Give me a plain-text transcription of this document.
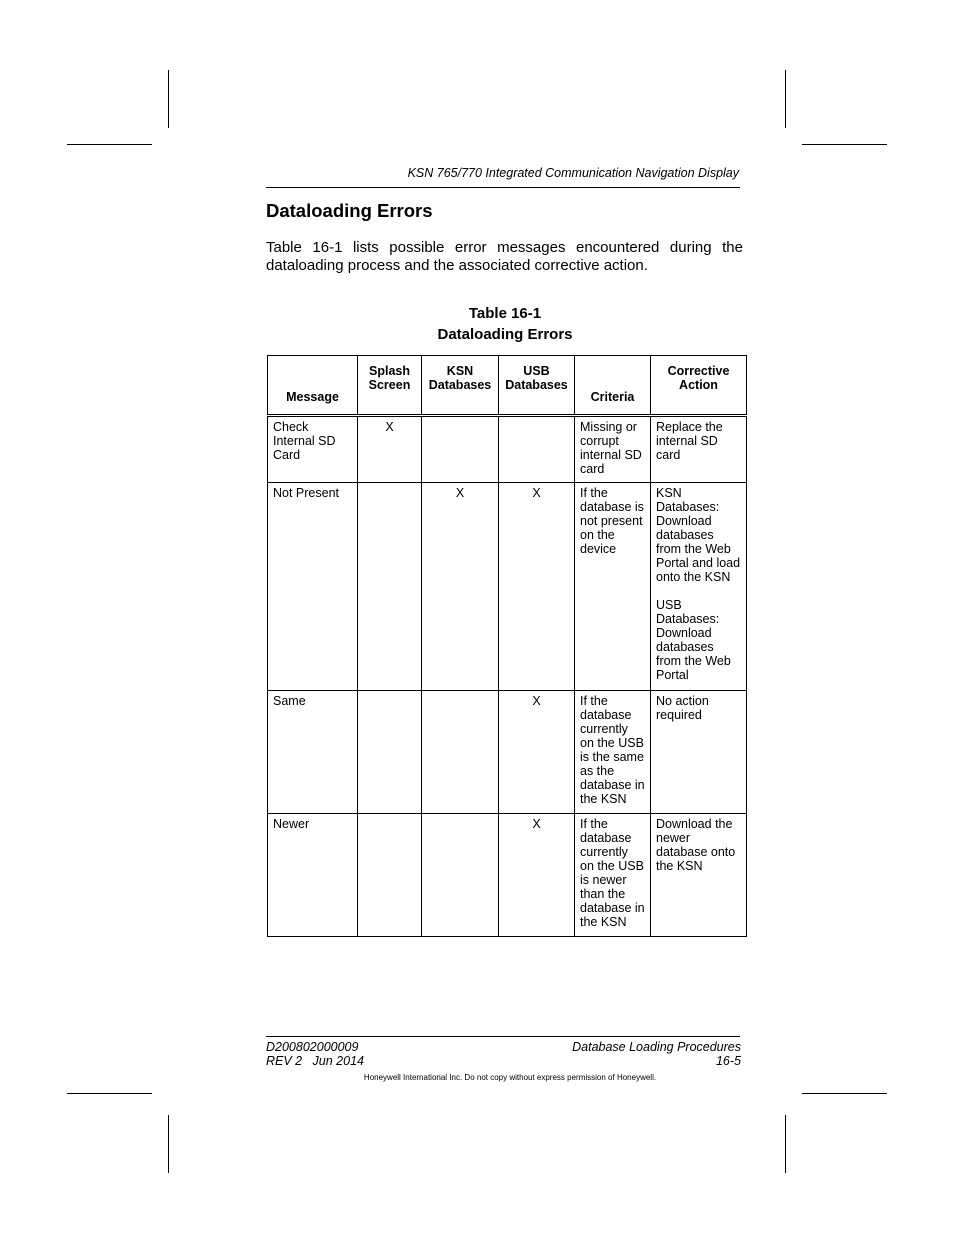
KSN 765/770 Integrated Communication Navigation Display
Dataloading Errors

Table 16-1 lists possible error messages encountered during the dataloading process and the associated corrective action.

Table 16-1
Dataloading Errors
Message	Splash Screen	KSN Databases	USB Databases	Criteria	Corrective Action
Check Internal SD Card	X			Missing or corrupt internal SD card	Replace the internal SD card

Not Present		X	X	If the database is not present on the device	KSN Databases: Download databases from the Web Portal and load onto the KSN
USB Databases: Download databases from the Web Portal

Same			X	If the database currently on the USB is the same as the database in the KSN	No action required

Newer			X	If the database currently on the USB is newer than the database in the KSN	Download the newer database onto the KSN
D200802000009
REV 2   Jun 2014
Database Loading Procedures
16-5
Honeywell International Inc. Do not copy without express permission of Honeywell.
